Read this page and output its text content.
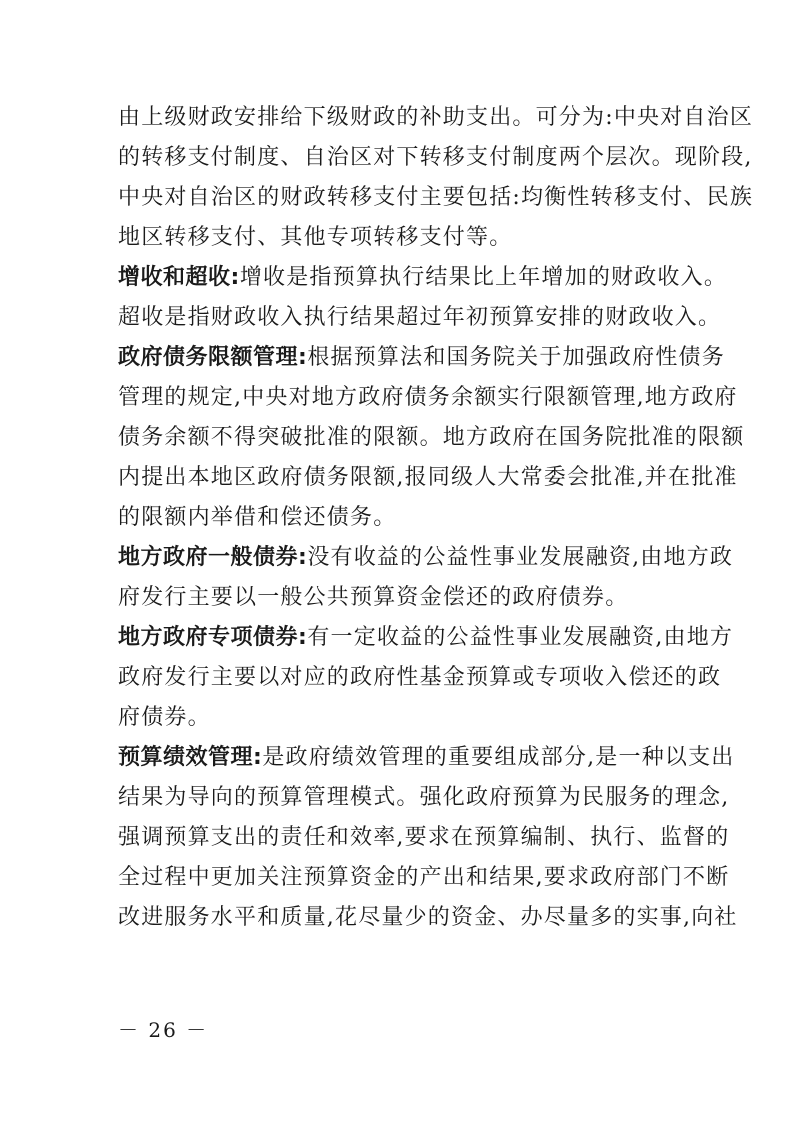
由上级财政安排给下级财政的补助支出。可分为:中央对自治区
的转移支付制度、自治区对下转移支付制度两个层次。现阶段,
中央对自治区的财政转移支付主要包括:均衡性转移支付、民族
地区转移支付、其他专项转移支付等。
增收和超收:增收是指预算执行结果比上年增加的财政收入。
超收是指财政收入执行结果超过年初预算安排的财政收入。
政府债务限额管理:根据预算法和国务院关于加强政府性债务
管理的规定,中央对地方政府债务余额实行限额管理,地方政府
债务余额不得突破批准的限额。地方政府在国务院批准的限额
内提出本地区政府债务限额,报同级人大常委会批准,并在批准
的限额内举借和偿还债务。
地方政府一般债券:没有收益的公益性事业发展融资,由地方政
府发行主要以一般公共预算资金偿还的政府债券。
地方政府专项债券:有一定收益的公益性事业发展融资,由地方
政府发行主要以对应的政府性基金预算或专项收入偿还的政
府债券。
预算绩效管理:是政府绩效管理的重要组成部分,是一种以支出
结果为导向的预算管理模式。强化政府预算为民服务的理念,
强调预算支出的责任和效率,要求在预算编制、执行、监督的
全过程中更加关注预算资金的产出和结果,要求政府部门不断
改进服务水平和质量,花尽量少的资金、办尽量多的实事,向社
－ 26 －
